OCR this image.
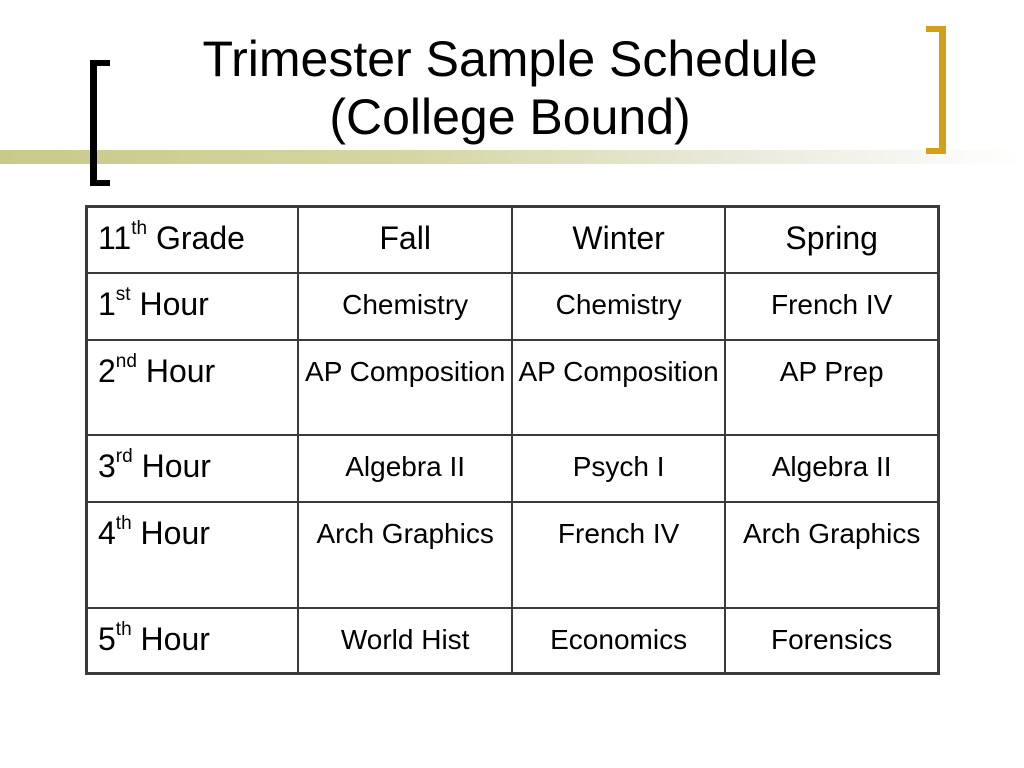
Trimester Sample Schedule
(College Bound)
11th Grade	Fall	Winter	Spring
1st Hour	Chemistry	Chemistry	French IV
2nd Hour	AP Composition	AP Composition	AP Prep
3rd Hour	Algebra II	Psych I	Algebra II
4th Hour	Arch Graphics	French IV	Arch Graphics
5th Hour	World Hist	Economics	Forensics
